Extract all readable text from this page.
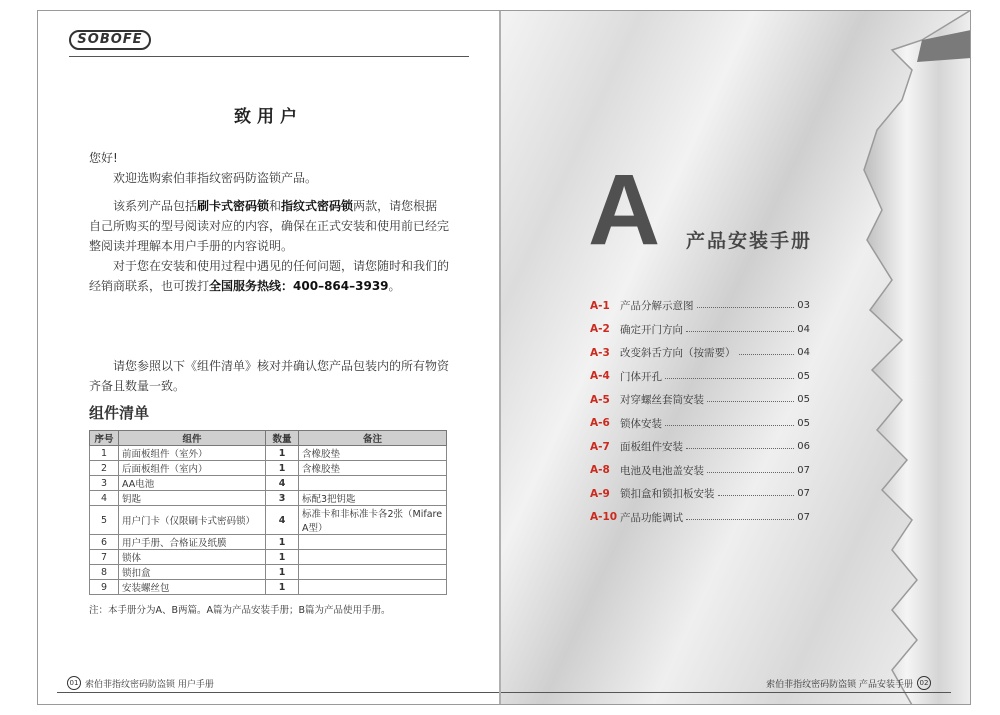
SOBOFE
致用户
您好!
欢迎选购索伯菲指纹密码防盗锁产品。
该系列产品包括刷卡式密码锁和指纹式密码锁两款，请您根据自己所购买的型号阅读对应的内容，确保在正式安装和使用前已经完整阅读并理解本用户手册的内容说明。
对于您在安装和使用过程中遇见的任何问题，请您随时和我们的经销商联系，也可拨打全国服务热线：400–864–3939。
请您参照以下《组件清单》核对并确认您产品包装内的所有物资齐备且数量一致。
组件清单
序号	组件	数量	备注
1	前面板组件（室外）	1	含橡胶垫
2	后面板组件（室内）	1	含橡胶垫
3	AA电池	4	
4	钥匙	3	标配3把钥匙
5	用户门卡（仅限刷卡式密码锁）	4	标准卡和非标准卡各2张（Mifare A型）
6	用户手册、合格证及纸膜	1	
7	锁体	1	
8	锁扣盒	1	
9	安装螺丝包	1	
注：本手册分为A、B两篇。A篇为产品安装手册；B篇为产品使用手册。
01 索伯菲指纹密码防盗锁 用户手册
A 产品安装手册
A-1 产品分解示意图	03
A-2 确定开门方向	04
A-3 改变斜舌方向（按需要）	04
A-4 门体开孔	05
A-5 对穿螺丝套筒安装	05
A-6 锁体安装	05
A-7 面板组件安装	06
A-8 电池及电池盖安装	07
A-9 锁扣盒和锁扣板安装	07
A-10 产品功能调试	07
索伯菲指纹密码防盗锁 产品安装手册 02
